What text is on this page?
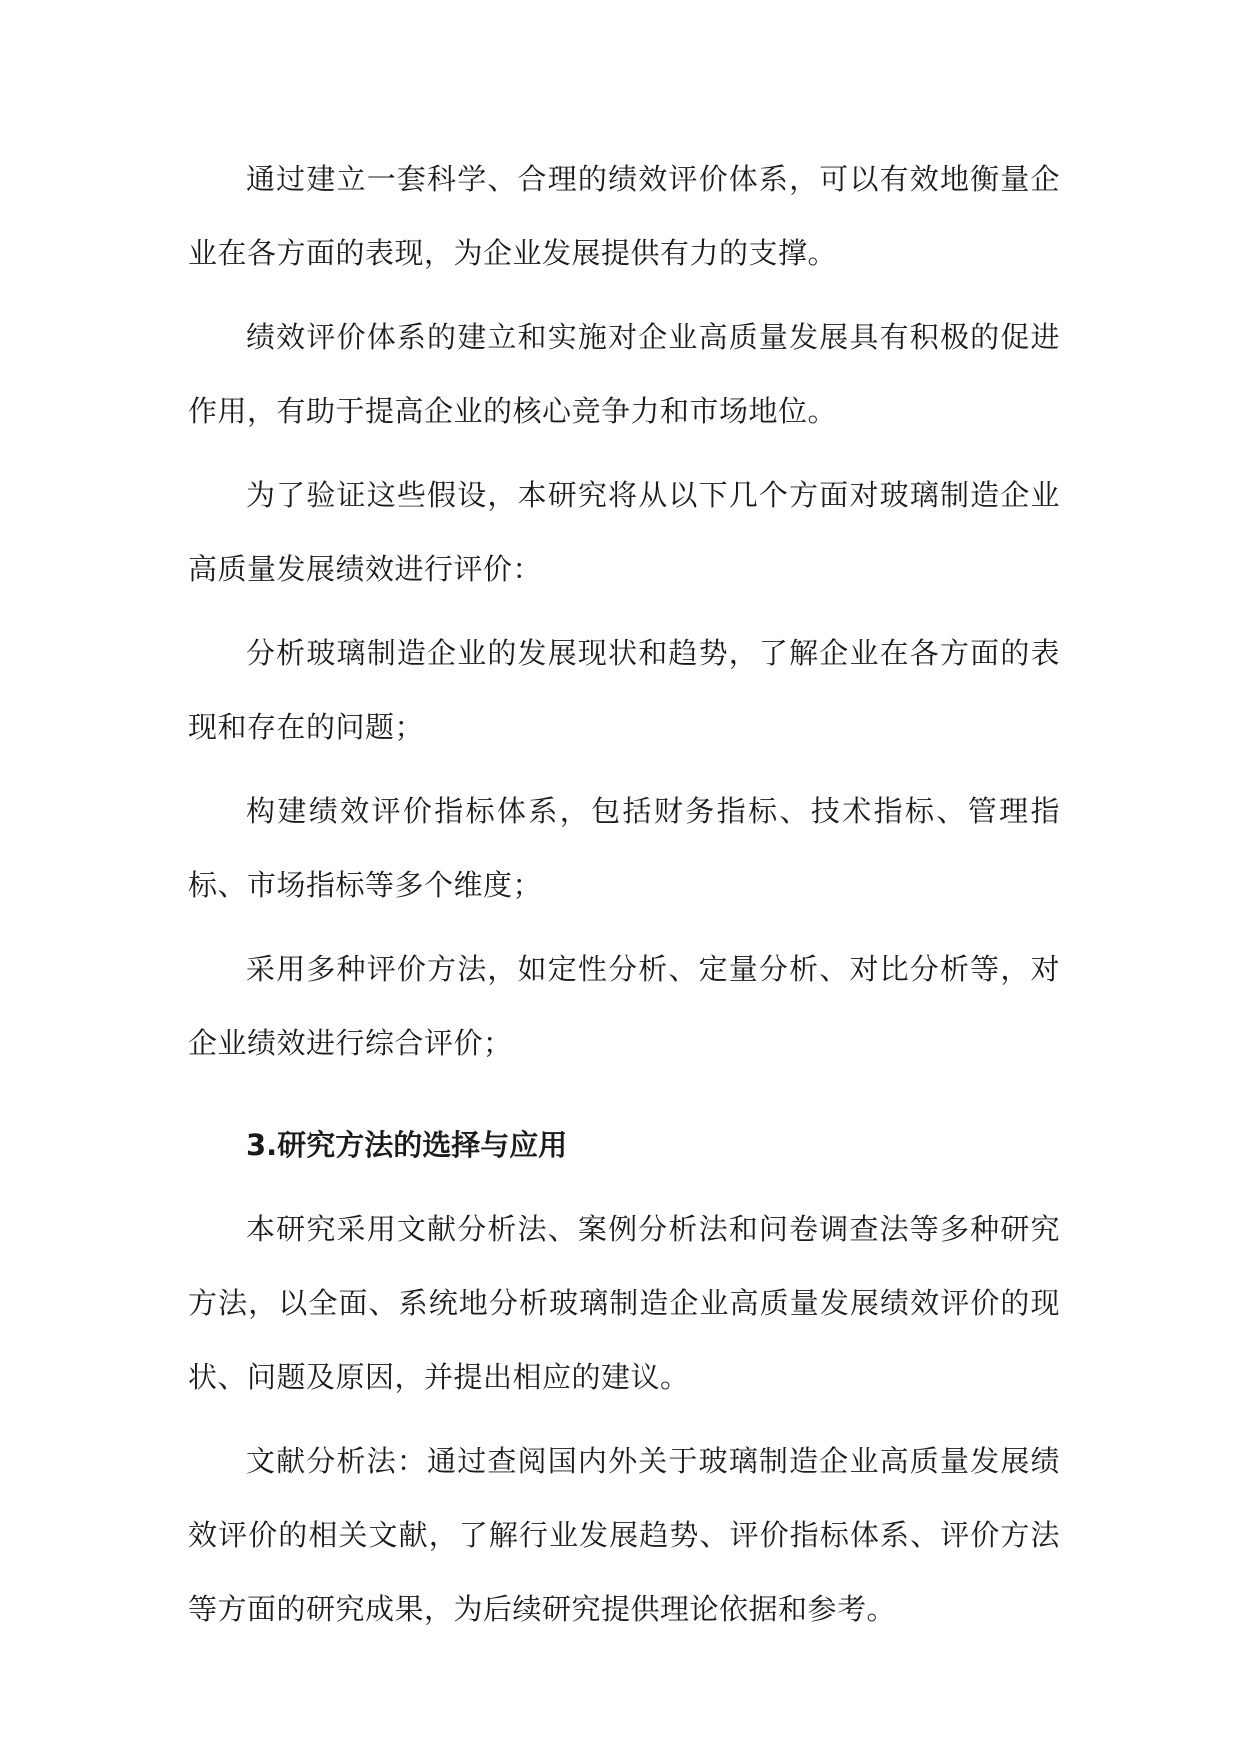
通过建立一套科学、合理的绩效评价体系，可以有效地衡量企业在各方面的表现，为企业发展提供有力的支撑。

绩效评价体系的建立和实施对企业高质量发展具有积极的促进作用，有助于提高企业的核心竞争力和市场地位。

为了验证这些假设，本研究将从以下几个方面对玻璃制造企业高质量发展绩效进行评价：

分析玻璃制造企业的发展现状和趋势，了解企业在各方面的表现和存在的问题；

构建绩效评价指标体系，包括财务指标、技术指标、管理指标、市场指标等多个维度；

采用多种评价方法，如定性分析、定量分析、对比分析等，对企业绩效进行综合评价；

3.研究方法的选择与应用

本研究采用文献分析法、案例分析法和问卷调查法等多种研究方法，以全面、系统地分析玻璃制造企业高质量发展绩效评价的现状、问题及原因，并提出相应的建议。

文献分析法：通过查阅国内外关于玻璃制造企业高质量发展绩效评价的相关文献，了解行业发展趋势、评价指标体系、评价方法等方面的研究成果，为后续研究提供理论依据和参考。
